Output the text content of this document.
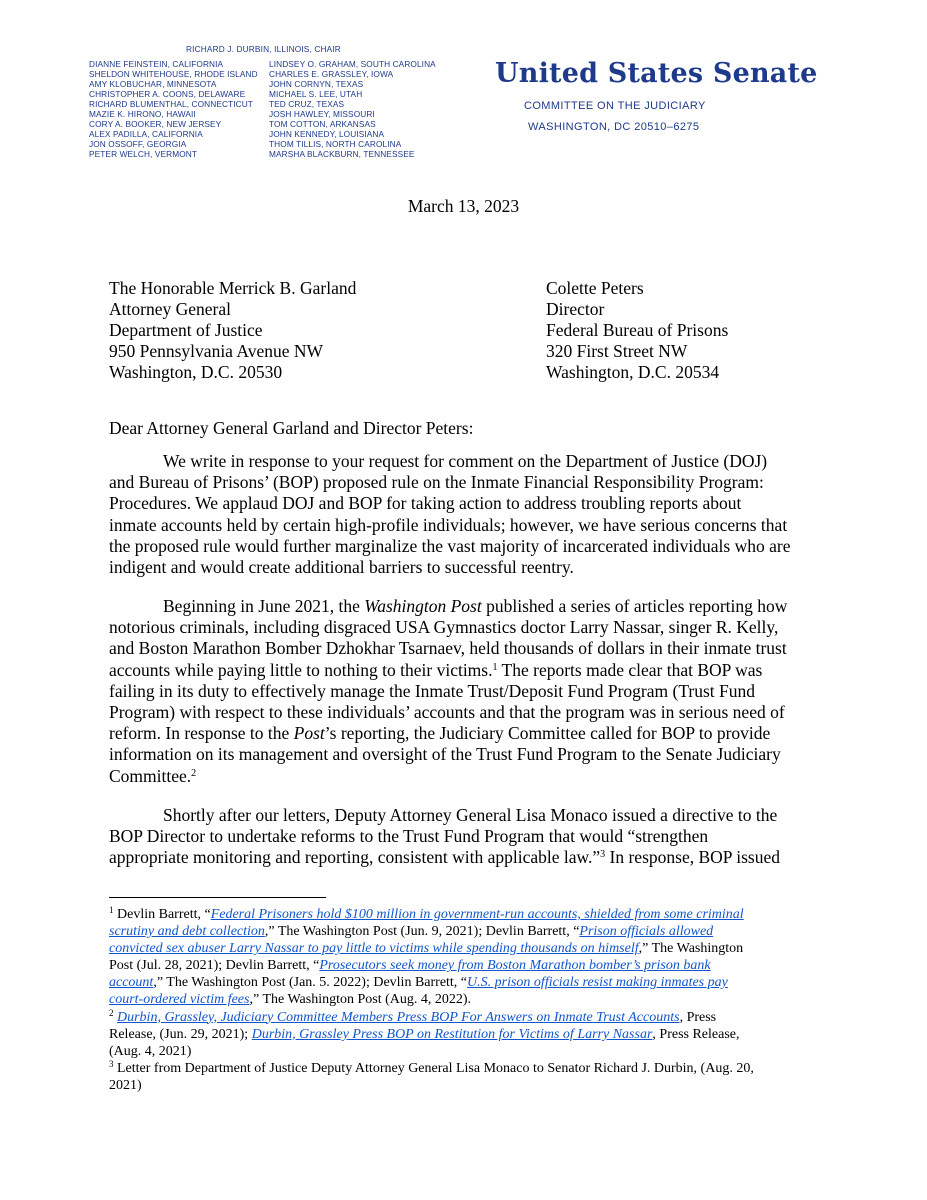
RICHARD J. DURBIN, ILLINOIS, CHAIR
DIANNE FEINSTEIN, CALIFORNIA
SHELDON WHITEHOUSE, RHODE ISLAND
AMY KLOBUCHAR, MINNESOTA
CHRISTOPHER A. COONS, DELAWARE
RICHARD BLUMENTHAL, CONNECTICUT
MAZIE K. HIRONO, HAWAII
CORY A. BOOKER, NEW JERSEY
ALEX PADILLA, CALIFORNIA
JON OSSOFF, GEORGIA
PETER WELCH, VERMONT
LINDSEY O. GRAHAM, SOUTH CAROLINA
CHARLES E. GRASSLEY, IOWA
JOHN CORNYN, TEXAS
MICHAEL S. LEE, UTAH
TED CRUZ, TEXAS
JOSH HAWLEY, MISSOURI
TOM COTTON, ARKANSAS
JOHN KENNEDY, LOUISIANA
THOM TILLIS, NORTH CAROLINA
MARSHA BLACKBURN, TENNESSEE
United States Senate
COMMITTEE ON THE JUDICIARY
WASHINGTON, DC 20510–6275
March 13, 2023
The Honorable Merrick B. Garland
Attorney General
Department of Justice
950 Pennsylvania Avenue NW
Washington, D.C. 20530
Colette Peters
Director
Federal Bureau of Prisons
320 First Street NW
Washington, D.C. 20534
Dear Attorney General Garland and Director Peters:
We write in response to your request for comment on the Department of Justice (DOJ)
and Bureau of Prisons’ (BOP) proposed rule on the Inmate Financial Responsibility Program:
Procedures. We applaud DOJ and BOP for taking action to address troubling reports about
inmate accounts held by certain high-profile individuals; however, we have serious concerns that
the proposed rule would further marginalize the vast majority of incarcerated individuals who are
indigent and would create additional barriers to successful reentry.
Beginning in June 2021, the Washington Post published a series of articles reporting how
notorious criminals, including disgraced USA Gymnastics doctor Larry Nassar, singer R. Kelly,
and Boston Marathon Bomber Dzhokhar Tsarnaev, held thousands of dollars in their inmate trust
accounts while paying little to nothing to their victims.$^1$ The reports made clear that BOP was
failing in its duty to effectively manage the Inmate Trust/Deposit Fund Program (Trust Fund
Program) with respect to these individuals’ accounts and that the program was in serious need of
reform. In response to the Post’s reporting, the Judiciary Committee called for BOP to provide
information on its management and oversight of the Trust Fund Program to the Senate Judiciary
Committee.$^2$
Shortly after our letters, Deputy Attorney General Lisa Monaco issued a directive to the
BOP Director to undertake reforms to the Trust Fund Program that would “strengthen
appropriate monitoring and reporting, consistent with applicable law.”$^3$ In response, BOP issued
$^1$ Devlin Barrett, “Federal Prisoners hold $100 million in government-run accounts, shielded from some criminal
scrutiny and debt collection,” The Washington Post (Jun. 9, 2021); Devlin Barrett, “Prison officials allowed
convicted sex abuser Larry Nassar to pay little to victims while spending thousands on himself,” The Washington
Post (Jul. 28, 2021); Devlin Barrett, “Prosecutors seek money from Boston Marathon bomber’s prison bank
account,” The Washington Post (Jan. 5. 2022); Devlin Barrett, “U.S. prison officials resist making inmates pay
court-ordered victim fees,” The Washington Post (Aug. 4, 2022).
$^2$ Durbin, Grassley, Judiciary Committee Members Press BOP For Answers on Inmate Trust Accounts, Press
Release, (Jun. 29, 2021); Durbin, Grassley Press BOP on Restitution for Victims of Larry Nassar, Press Release,
(Aug. 4, 2021)
$^3$ Letter from Department of Justice Deputy Attorney General Lisa Monaco to Senator Richard J. Durbin, (Aug. 20,
2021)
